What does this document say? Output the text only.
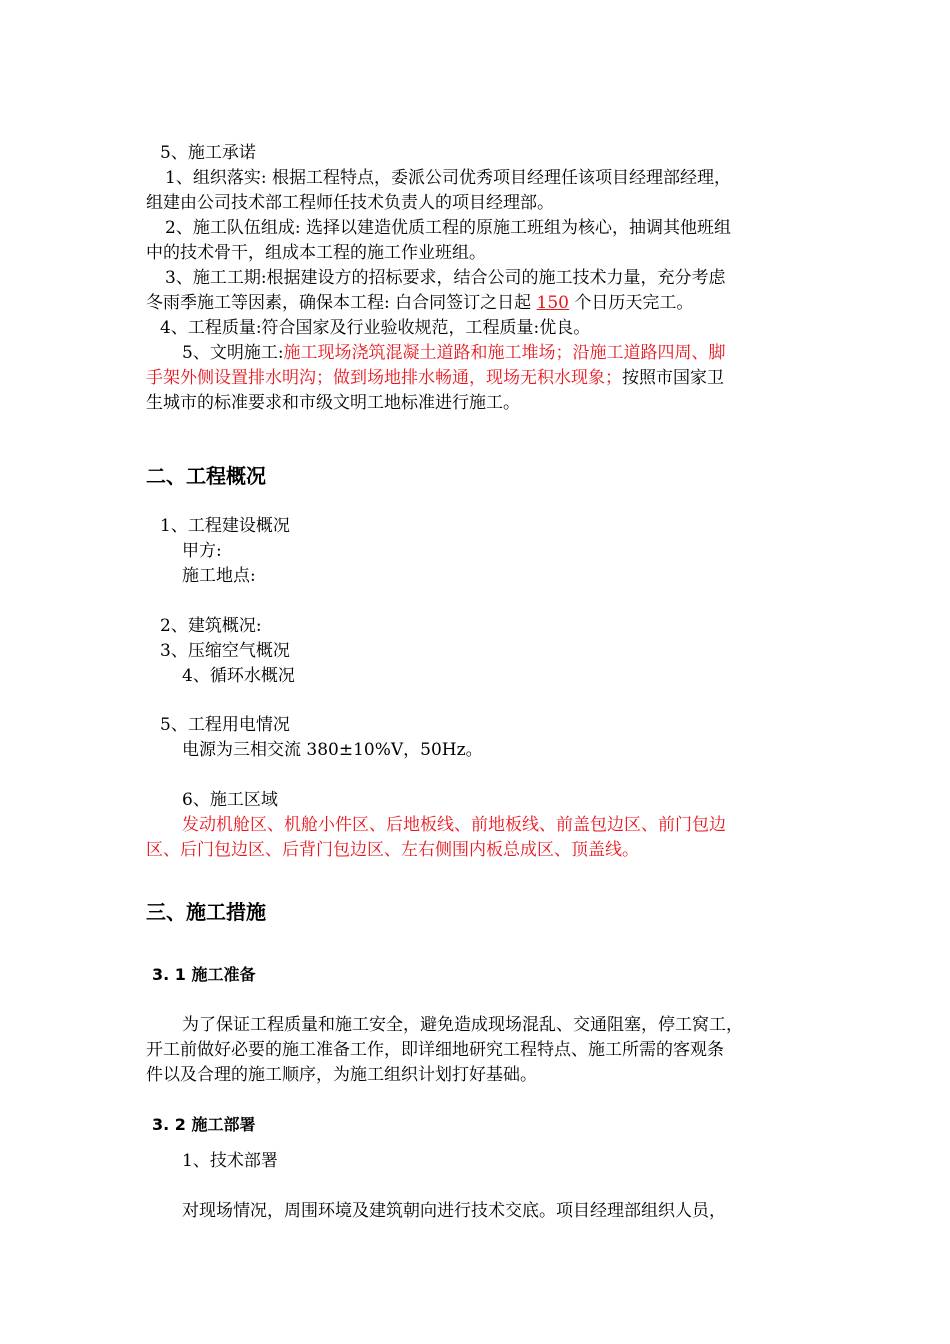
5、施工承诺
1、组织落实: 根据工程特点，委派公司优秀项目经理任该项目经理部经理，
组建由公司技术部工程师任技术负责人的项目经理部。
2、施工队伍组成: 选择以建造优质工程的原施工班组为核心，抽调其他班组
中的技术骨干，组成本工程的施工作业班组。
3、施工工期:根据建设方的招标要求，结合公司的施工技术力量，充分考虑
冬雨季施工等因素，确保本工程: 白合同签订之日起 150 个日历天完工。
4、工程质量:符合国家及行业验收规范，工程质量:优良。
5、文明施工:施工现场浇筑混凝土道路和施工堆场；沿施工道路四周、脚
手架外侧设置排水明沟；做到场地排水畅通，现场无积水现象；按照市国家卫
生城市的标准要求和市级文明工地标准进行施工。
二、工程概况
1、工程建设概况
甲方:
施工地点:
2、建筑概况:
3、压缩空气概况
4、循环水概况
5、工程用电情况
电源为三相交流 380±10%V，50Hz。
6、施工区域
发动机舱区、机舱小件区、后地板线、前地板线、前盖包边区、前门包边
区、后门包边区、后背门包边区、左右侧围内板总成区、顶盖线。
三、施工措施
3. 1 施工准备
为了保证工程质量和施工安全，避免造成现场混乱、交通阻塞，停工窝工，
开工前做好必要的施工准备工作，即详细地研究工程特点、施工所需的客观条
件以及合理的施工顺序，为施工组织计划打好基础。
3. 2 施工部署
1、技术部署
对现场情况，周围环境及建筑朝向进行技术交底。项目经理部组织人员，
